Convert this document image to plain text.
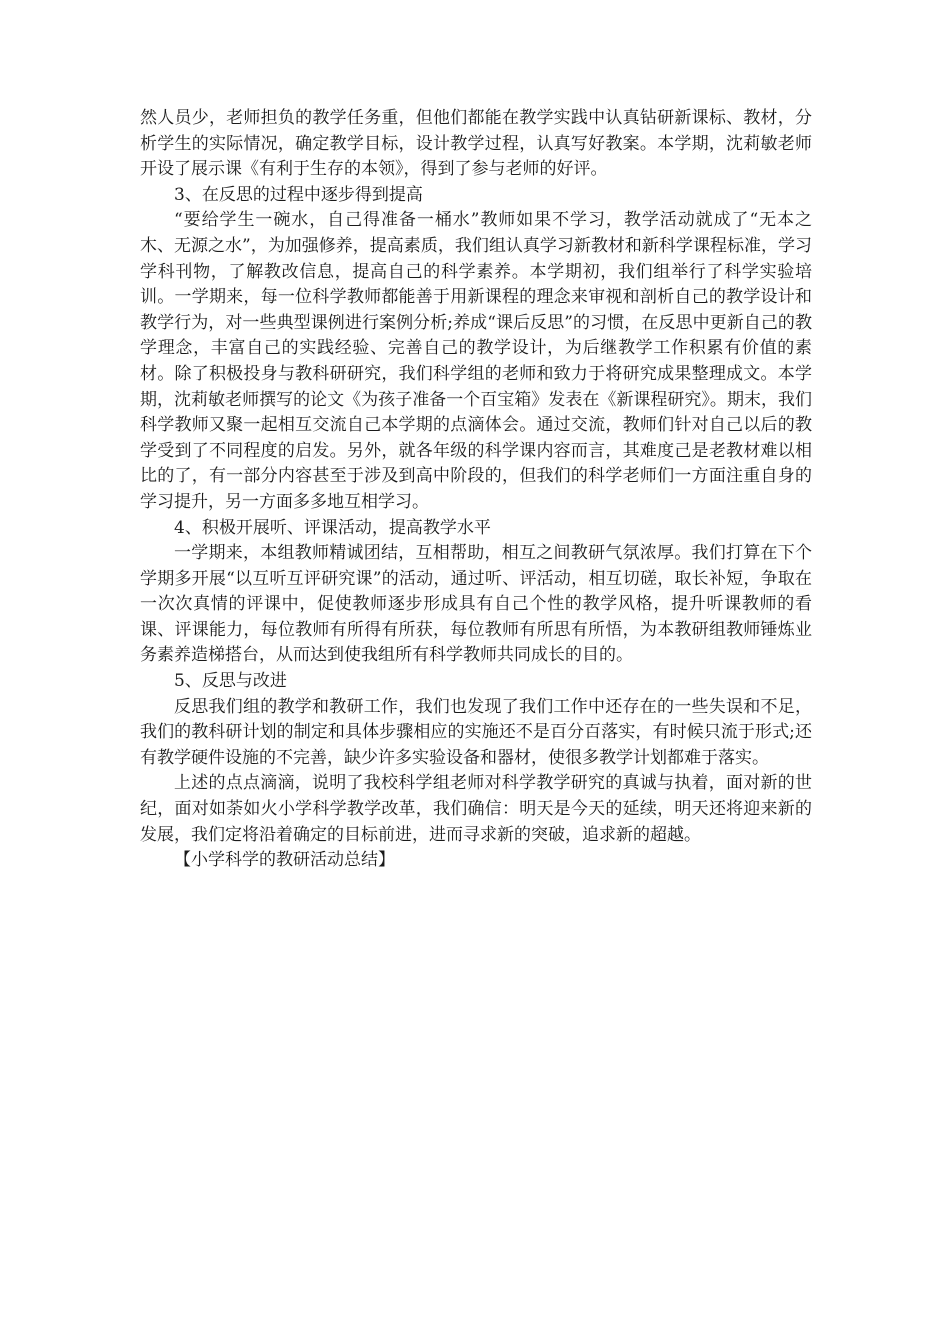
然人员少，老师担负的教学任务重，但他们都能在教学实践中认真钻研新课标、教材，分析学生的实际情况，确定教学目标，设计教学过程，认真写好教案。本学期，沈莉敏老师开设了展示课《有利于生存的本领》，得到了参与老师的好评。

3、在反思的过程中逐步得到提高

“要给学生一碗水，自己得准备一桶水”教师如果不学习，教学活动就成了“无本之木、无源之水”，为加强修养，提高素质，我们组认真学习新教材和新科学课程标准，学习学科刊物，了解教改信息，提高自己的科学素养。本学期初，我们组举行了科学实验培训。一学期来，每一位科学教师都能善于用新课程的理念来审视和剖析自己的教学设计和教学行为，对一些典型课例进行案例分析;养成“课后反思”的习惯，在反思中更新自己的教学理念，丰富自己的实践经验、完善自己的教学设计，为后继教学工作积累有价值的素材。除了积极投身与教科研研究，我们科学组的老师和致力于将研究成果整理成文。本学期，沈莉敏老师撰写的论文《为孩子准备一个百宝箱》发表在《新课程研究》。期末，我们科学教师又聚一起相互交流自己本学期的点滴体会。通过交流，教师们针对自己以后的教学受到了不同程度的启发。另外，就各年级的科学课内容而言，其难度己是老教材难以相比的了，有一部分内容甚至于涉及到高中阶段的，但我们的科学老师们一方面注重自身的学习提升，另一方面多多地互相学习。

4、积极开展听、评课活动，提高教学水平

一学期来，本组教师精诚团结，互相帮助，相互之间教研气氛浓厚。我们打算在下个学期多开展“以互听互评研究课”的活动，通过听、评活动，相互切磋，取长补短，争取在一次次真情的评课中，促使教师逐步形成具有自己个性的教学风格，提升听课教师的看课、评课能力，每位教师有所得有所获，每位教师有所思有所悟，为本教研组教师锤炼业务素养造梯搭台，从而达到使我组所有科学教师共同成长的目的。

5、反思与改进

反思我们组的教学和教研工作，我们也发现了我们工作中还存在的一些失误和不足，我们的教科研计划的制定和具体步骤相应的实施还不是百分百落实，有时候只流于形式;还有教学硬件设施的不完善，缺少许多实验设备和器材，使很多教学计划都难于落实。

上述的点点滴滴，说明了我校科学组老师对科学教学研究的真诚与执着，面对新的世纪，面对如荼如火小学科学教学改革，我们确信：明天是今天的延续，明天还将迎来新的发展，我们定将沿着确定的目标前进，进而寻求新的突破，追求新的超越。

【小学科学的教研活动总结】
